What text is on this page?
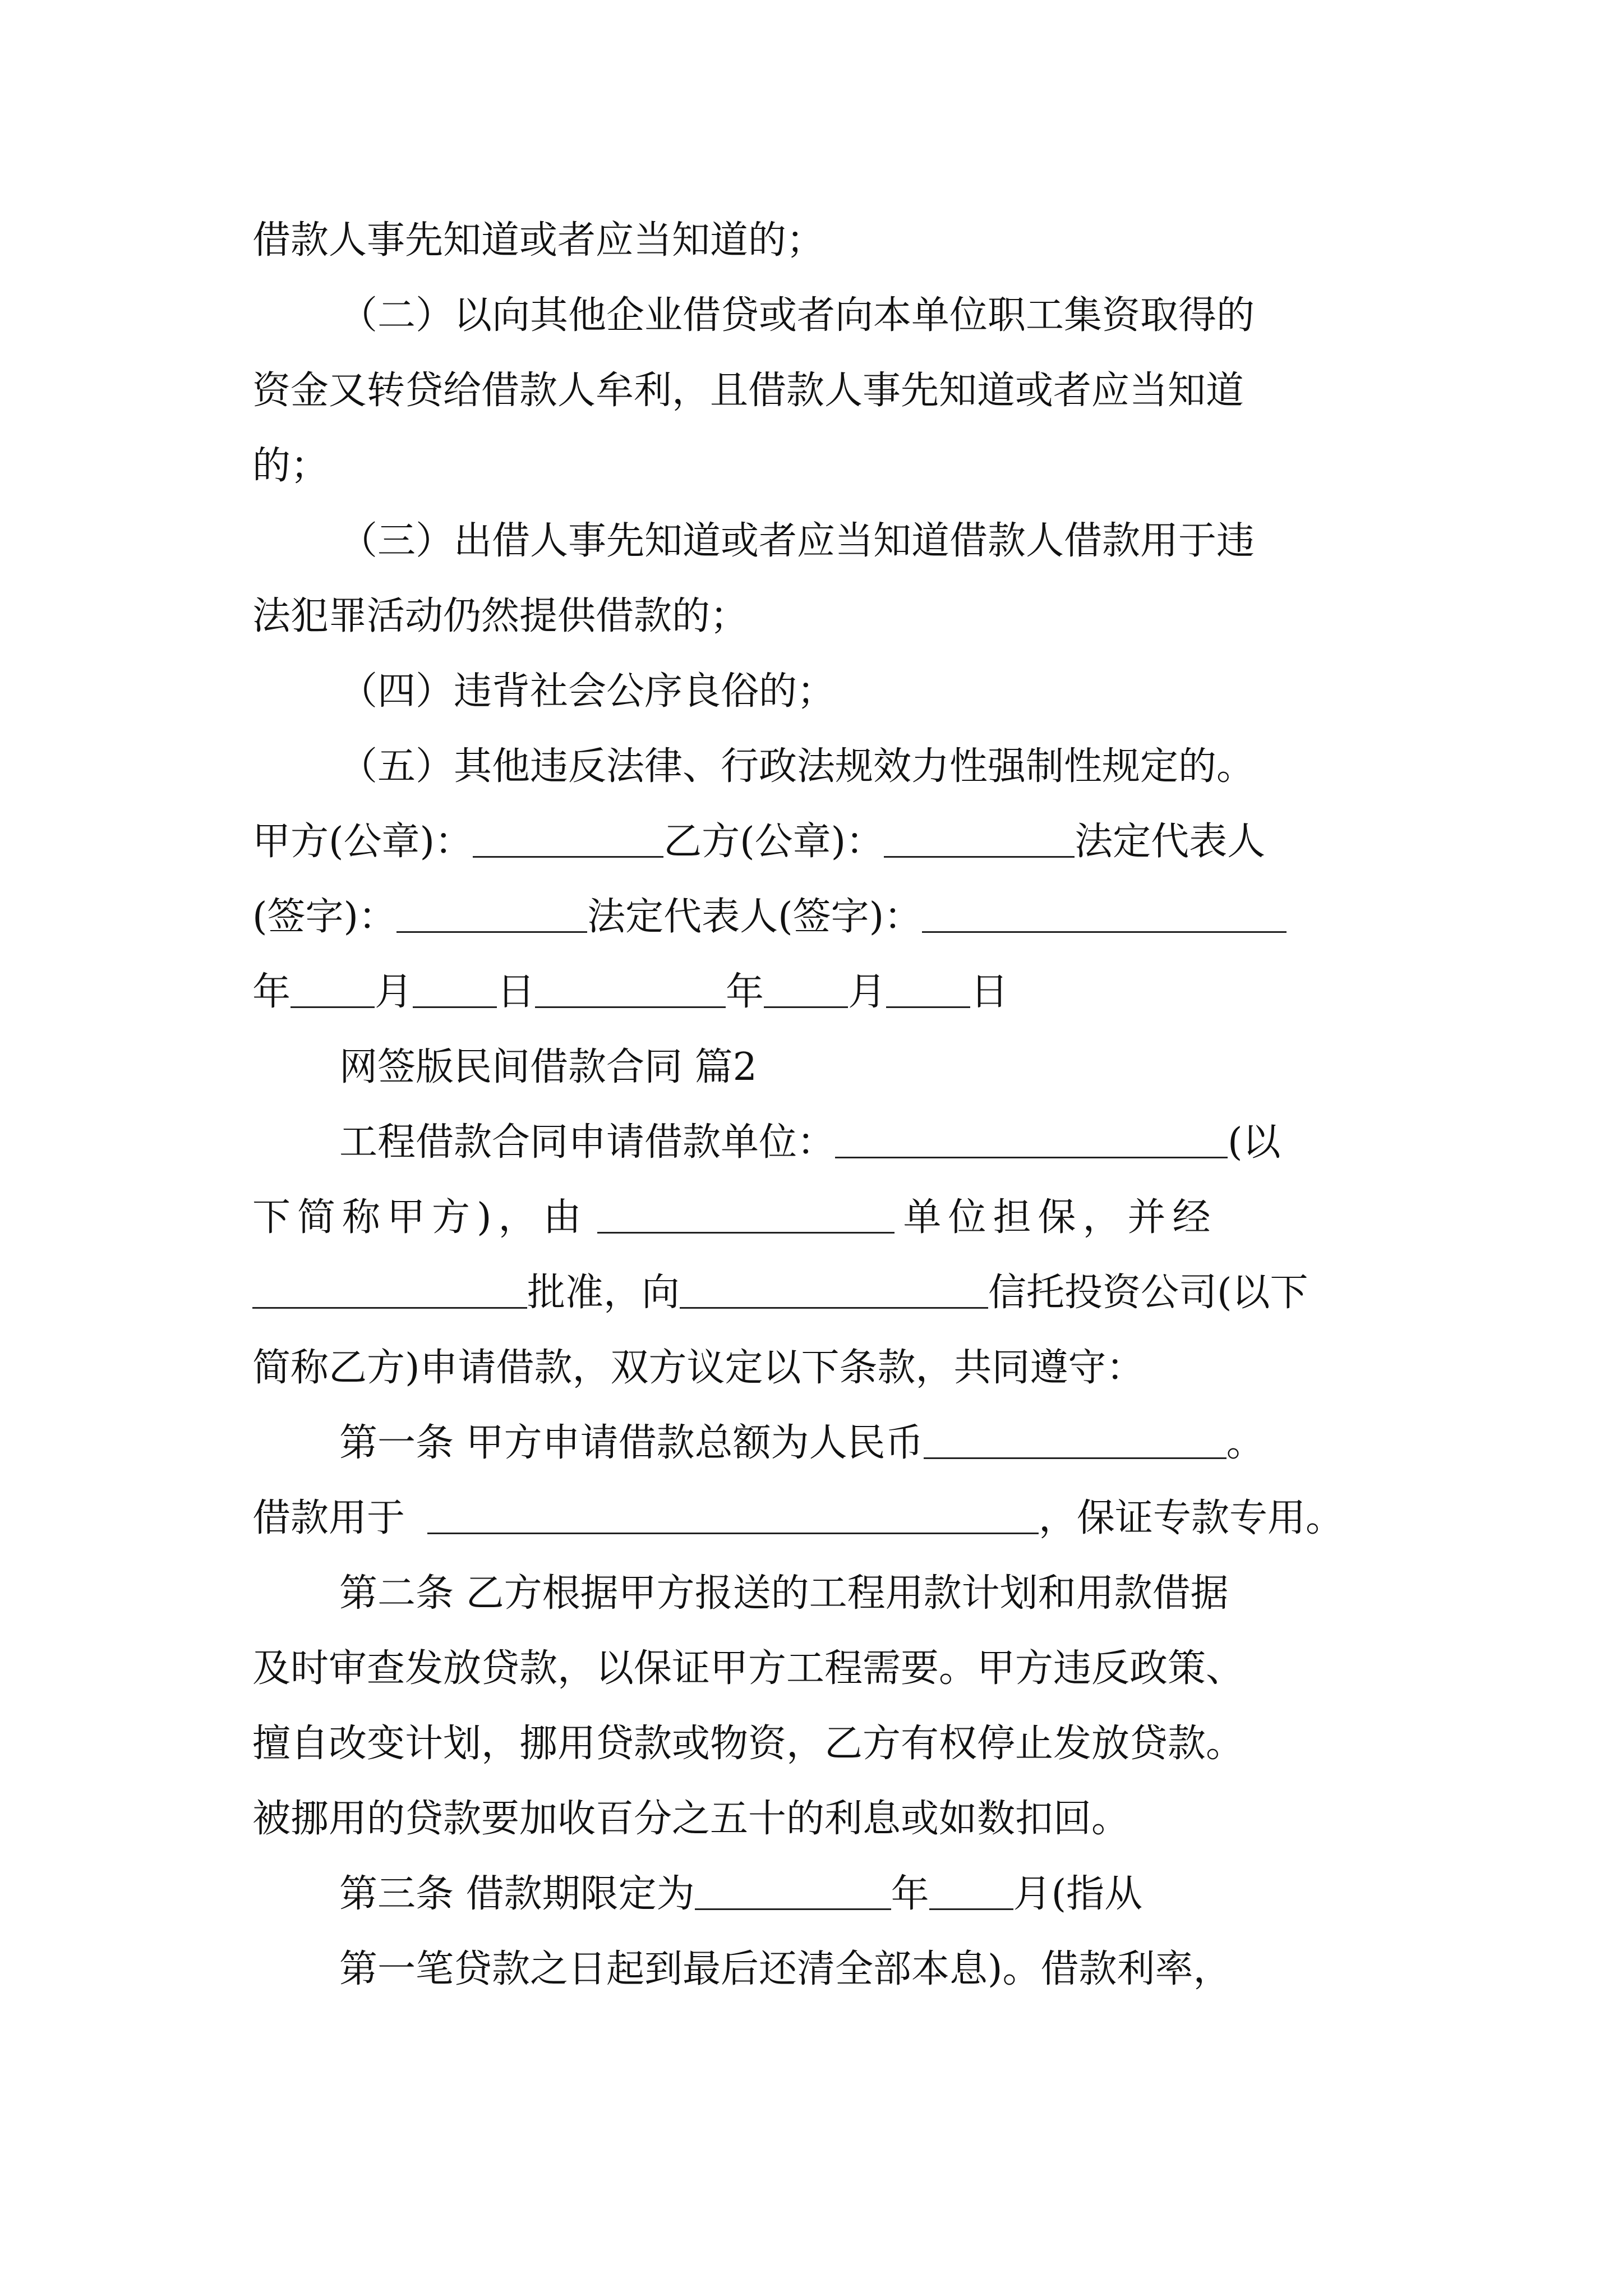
借款人事先知道或者应当知道的；
（二）以向其他企业借贷或者向本单位职工集资取得的
资金又转贷给借款人牟利，且借款人事先知道或者应当知道
的；
（三）出借人事先知道或者应当知道借款人借款用于违
法犯罪活动仍然提供借款的；
（四）违背社会公序良俗的；
（五）其他违反法律、行政法规效力性强制性规定的。
甲方(公章)：	乙方(公章)：	法定代表人
(签字)：	法定代表人(签字)：
年 月 日	年 月 日
网签版民间借款合同 篇2
工程借款合同申请借款单位：	(以
下简称甲方)，由	单位担保，并经
批准，向	信托投资公司(以下
简称乙方)申请借款，双方议定以下条款，共同遵守：
第一条 甲方申请借款总额为人民币	。
借款用于	，保证专款专用。
第二条 乙方根据甲方报送的工程用款计划和用款借据
及时审查发放贷款，以保证甲方工程需要。甲方违反政策、
擅自改变计划，挪用贷款或物资，乙方有权停止发放贷款。
被挪用的贷款要加收百分之五十的利息或如数扣回。
第三条 借款期限定为	年 月(指从
第一笔贷款之日起到最后还清全部本息)。借款利率，
